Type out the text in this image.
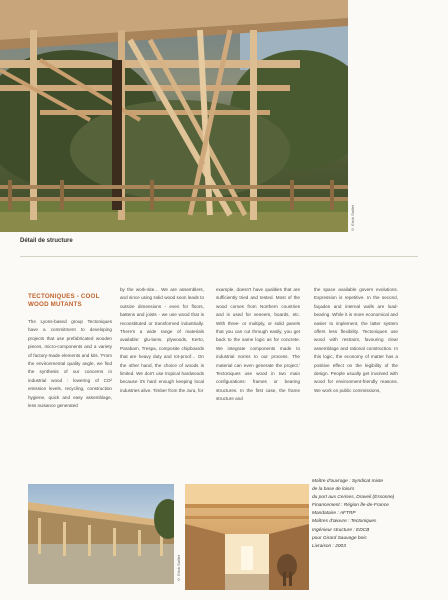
© Erick Saillet
Détail de structure
TECTONIQUES - COOL WOOD MUTANTS
The Lyons-based group Tectoniques have a commitment to developing projects that use prefabricated wooden pieces, micro-components and a variety of factory-made elements and kits. 'From the environmental quality angle, we find the synthesis of our concerns in industrial wood : lowering of CO² emission levels, recycling, construction hygiene, quick and easy assemblage, less nuisance generated
by the work-site… We are assemblers, and since using solid wood soon leads to outsize dimensions - even for floors, battens and joists - we use wood that is reconstituted or transformed industrially. There's a wide range of materials available: glu-lams, plywoods, Kerto, Parabam, Trespa, composite chipboards that are heavy duty and rot-proof… On the other hand, the choice of woods is limited. We don't use tropical hardwoods because it's hard enough keeping local industries alive. Timber from the Jura, for
example, doesn't have qualities that are sufficiently tried and tested. Most of the wood comes from Northern countries and is used for veneers, boards, etc. With three- or multiply, or solid panels that you can cut through easily, you get back to the same logic as for concrete. We integrate components made to industrial norms to our process. The material can even generate the project.' Tectoniques use wood in two main configurations: frames or bearing structures. In the first case, the frame structure and
the space available govern evolutions. Expression is repetitive. In the second, façades and internal walls are load-bearing. While it is more economical and easier to implement, the latter system offers less flexibility. Tectoniques use wood with restraint, favouring clear assemblage and rational construction. In this logic, the economy of matter has a positive effect on the legibility of the design. People usually get involved with wood for environment-friendly reasons. We work on public commissions,
© Erick Saillet
Maître d'ouvrage : Syndicat mixte
de la base de loisirs
du port aux Cerises, Draveil (Essonne)
Financement : Région Île-de-France
Mandataire : AFTRP
Maîtres d'œuvre : Tectoniques
Ingénieur structure : EDCB
pour Girard Sauvage bois
Livraison : 2003
